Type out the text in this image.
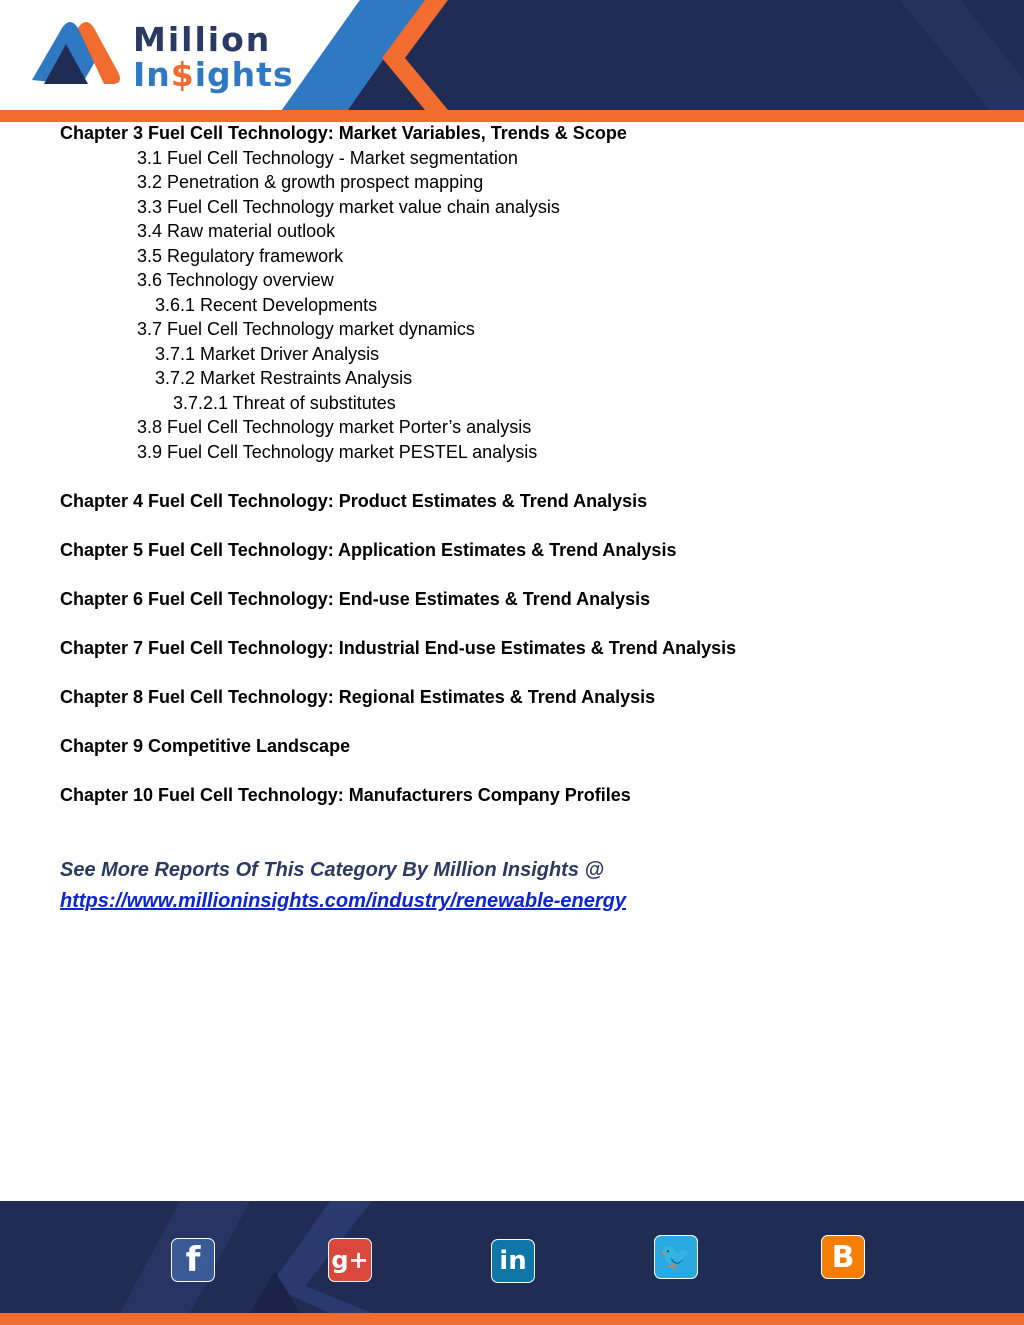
Million
In$ights
Chapter 3 Fuel Cell Technology: Market Variables, Trends & Scope
3.1 Fuel Cell Technology - Market segmentation
3.2 Penetration & growth prospect mapping
3.3 Fuel Cell Technology market value chain analysis
3.4 Raw material outlook
3.5 Regulatory framework
3.6 Technology overview
3.6.1 Recent Developments
3.7 Fuel Cell Technology market dynamics
3.7.1 Market Driver Analysis
3.7.2 Market Restraints Analysis
3.7.2.1 Threat of substitutes
3.8 Fuel Cell Technology market Porter’s analysis
3.9 Fuel Cell Technology market PESTEL analysis
Chapter 4 Fuel Cell Technology: Product Estimates & Trend Analysis
Chapter 5 Fuel Cell Technology: Application Estimates & Trend Analysis
Chapter 6 Fuel Cell Technology: End-use Estimates & Trend Analysis
Chapter 7 Fuel Cell Technology: Industrial End-use Estimates & Trend Analysis
Chapter 8 Fuel Cell Technology: Regional Estimates & Trend Analysis
Chapter 9 Competitive Landscape
Chapter 10 Fuel Cell Technology: Manufacturers Company Profiles
See More Reports Of This Category By Million Insights @
https://www.millioninsights.com/industry/renewable-energy
f	g+	in	🐦	B
